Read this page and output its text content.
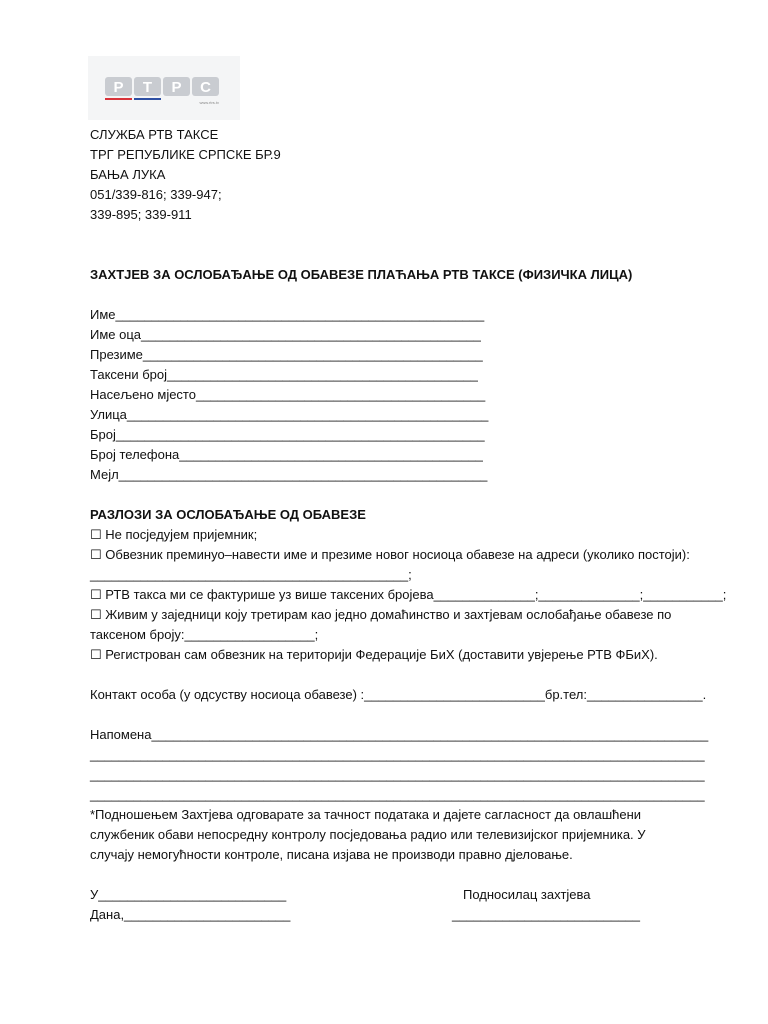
Р Т Р С
www.rtrs.tv
СЛУЖБА РТВ ТАКСЕ
ТРГ РЕПУБЛИКЕ СРПСКЕ БР.9
БАЊА ЛУКА
051/339-816; 339-947;
339-895; 339-911
ЗАХТЈЕВ ЗА ОСЛОБАЂАЊЕ ОД ОБАВЕЗЕ ПЛАЋАЊА РТВ ТАКСЕ (ФИЗИЧКА ЛИЦА)
Име___________________________________________________
Име оца_______________________________________________
Презиме_______________________________________________
Таксени број___________________________________________
Насељено мјесто________________________________________
Улица__________________________________________________
Број___________________________________________________
Број телефона__________________________________________
Мејл___________________________________________________
РАЗЛОЗИ ЗА ОСЛОБАЂАЊЕ ОД ОБАВЕЗЕ
☐ Не посједујем пријемник;
☐ Обвезник преминуо–навести име и презиме новог носиоца обавезе на адреси (уколико постоји):
____________________________________________;
☐ РТВ такса ми се фактурише уз више таксених бројева______________;______________;___________;
☐ Живим у заједници коју третирам као једно домаћинство и захтјевам ослобађање обавезе по
таксеном броју:__________________;
☐ Регистрован сам обвезник на територији Федерације БиХ (доставити увјерење РТВ ФБиХ).
Контакт особа (у одсуству носиоца обавезе) :_________________________бр.тел:________________.
Напомена_____________________________________________________________________________
_____________________________________________________________________________________
_____________________________________________________________________________________
_____________________________________________________________________________________
*Подношењем Захтјева одговарате за тачност података и дајете сагласност да овлашћени
службеник обави непосредну контролу посједовања радио или телевизијског пријемника. У
случају немогућности контроле, писана изјава не производи правно дјеловање.
У__________________________
Дана,_______________________
Подносилац захтјева
__________________________
